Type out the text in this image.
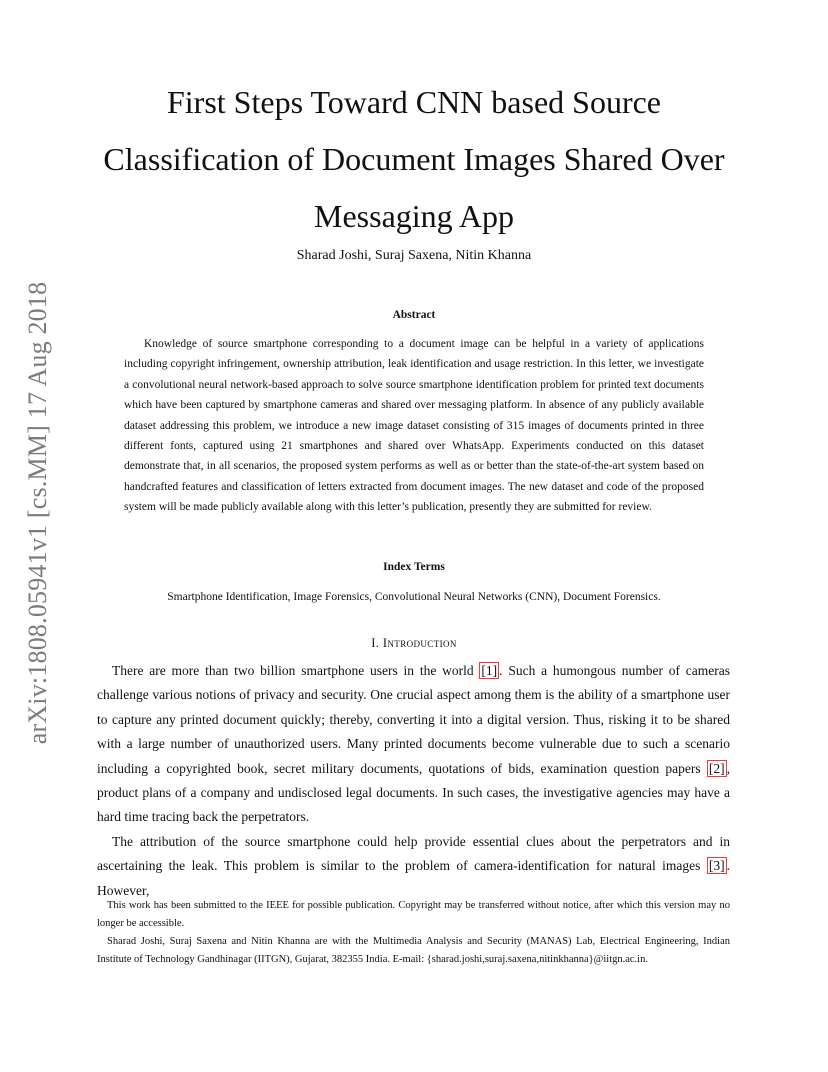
arXiv:1808.05941v1 [cs.MM] 17 Aug 2018
First Steps Toward CNN based Source Classification of Document Images Shared Over Messaging App
Sharad Joshi, Suraj Saxena, Nitin Khanna
Abstract
Knowledge of source smartphone corresponding to a document image can be helpful in a variety of applications including copyright infringement, ownership attribution, leak identification and usage restriction. In this letter, we investigate a convolutional neural network-based approach to solve source smartphone identification problem for printed text documents which have been captured by smartphone cameras and shared over messaging platform. In absence of any publicly available dataset addressing this problem, we introduce a new image dataset consisting of 315 images of documents printed in three different fonts, captured using 21 smartphones and shared over WhatsApp. Experiments conducted on this dataset demonstrate that, in all scenarios, the proposed system performs as well as or better than the state-of-the-art system based on handcrafted features and classification of letters extracted from document images. The new dataset and code of the proposed system will be made publicly available along with this letter’s publication, presently they are submitted for review.
Index Terms
Smartphone Identification, Image Forensics, Convolutional Neural Networks (CNN), Document Forensics.
I. Introduction

There are more than two billion smartphone users in the world [1] . Such a humongous number of cameras challenge various notions of privacy and security. One crucial aspect among them is the ability of a smartphone user to capture any printed document quickly; thereby, converting it into a digital version. Thus, risking it to be shared with a large number of unauthorized users. Many printed documents become vulnerable due to such a scenario including a copyrighted book, secret military documents, quotations of bids, examination question papers [2] , product plans of a company and undisclosed legal documents. In such cases, the investigative agencies may have a hard time tracing back the perpetrators.

The attribution of the source smartphone could help provide essential clues about the perpetrators and in ascertaining the leak. This problem is similar to the problem of camera-identification for natural images [3] . However,

This work has been submitted to the IEEE for possible publication. Copyright may be transferred without notice, after which this version may no longer be accessible.
Sharad Joshi, Suraj Saxena and Nitin Khanna are with the Multimedia Analysis and Security (MANAS) Lab, Electrical Engineering, Indian Institute of Technology Gandhinagar (IITGN), Gujarat, 382355 India. E-mail: {sharad.joshi,suraj.saxena,nitinkhanna}@iitgn.ac.in.
